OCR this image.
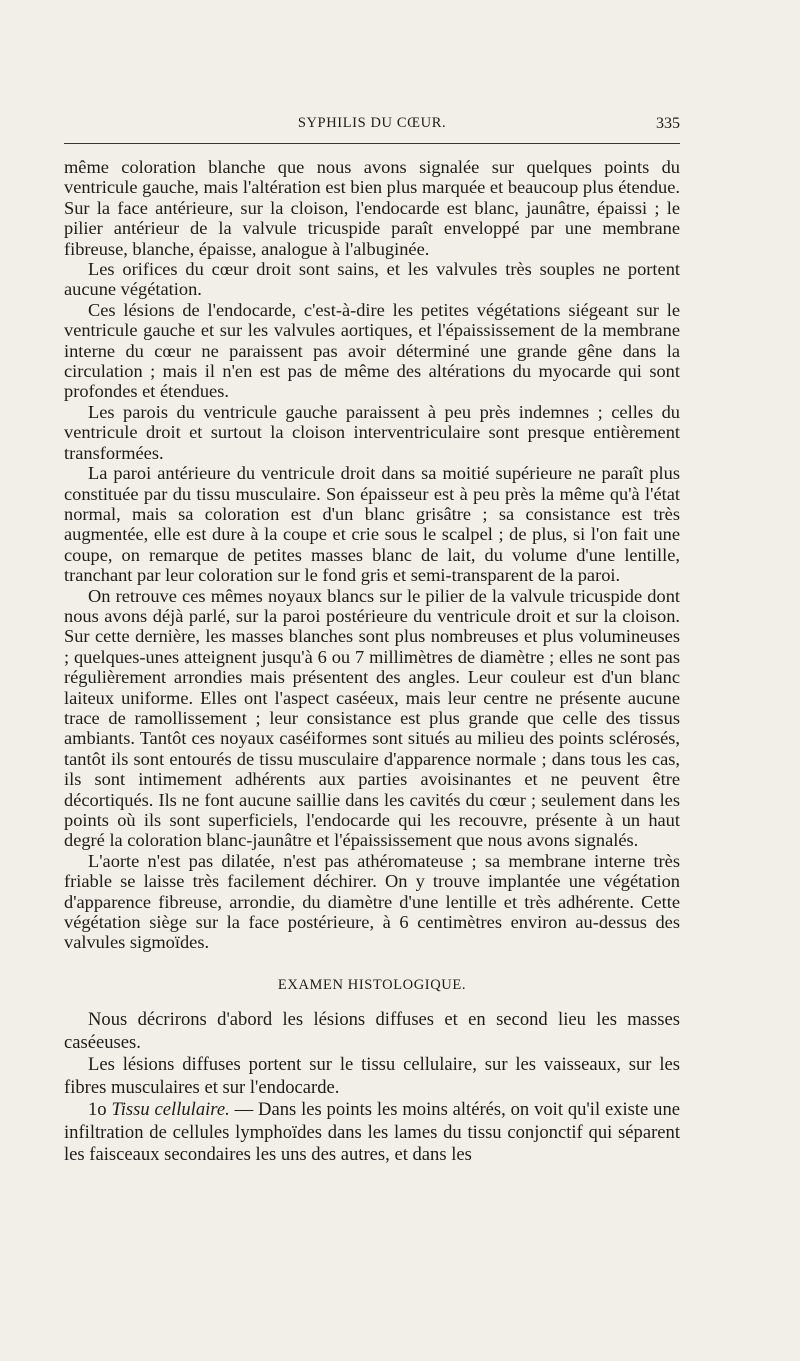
SYPHILIS DU CŒUR.	335

même coloration blanche que nous avons signalée sur quelques points du ventricule gauche, mais l'altération est bien plus marquée et beaucoup plus étendue. Sur la face antérieure, sur la cloison, l'endocarde est blanc, jaunâtre, épaissi ; le pilier antérieur de la valvule tricuspide paraît enveloppé par une membrane fibreuse, blanche, épaisse, analogue à l'albuginée.

Les orifices du cœur droit sont sains, et les valvules très souples ne portent aucune végétation.

Ces lésions de l'endocarde, c'est-à-dire les petites végétations siégeant sur le ventricule gauche et sur les valvules aortiques, et l'épaississement de la membrane interne du cœur ne paraissent pas avoir déterminé une grande gêne dans la circulation ; mais il n'en est pas de même des altérations du myocarde qui sont profondes et étendues.

Les parois du ventricule gauche paraissent à peu près indemnes ; celles du ventricule droit et surtout la cloison interventriculaire sont presque entièrement transformées.

La paroi antérieure du ventricule droit dans sa moitié supérieure ne paraît plus constituée par du tissu musculaire. Son épaisseur est à peu près la même qu'à l'état normal, mais sa coloration est d'un blanc grisâtre ; sa consistance est très augmentée, elle est dure à la coupe et crie sous le scalpel ; de plus, si l'on fait une coupe, on remarque de petites masses blanc de lait, du volume d'une lentille, tranchant par leur coloration sur le fond gris et semi-transparent de la paroi.

On retrouve ces mêmes noyaux blancs sur le pilier de la valvule tricuspide dont nous avons déjà parlé, sur la paroi postérieure du ventricule droit et sur la cloison. Sur cette dernière, les masses blanches sont plus nombreuses et plus volumineuses ; quelques-unes atteignent jusqu'à 6 ou 7 millimètres de diamètre ; elles ne sont pas régulièrement arrondies mais présentent des angles. Leur couleur est d'un blanc laiteux uniforme. Elles ont l'aspect caséeux, mais leur centre ne présente aucune trace de ramollissement ; leur consistance est plus grande que celle des tissus ambiants. Tantôt ces noyaux caséiformes sont situés au milieu des points sclérosés, tantôt ils sont entourés de tissu musculaire d'apparence normale ; dans tous les cas, ils sont intimement adhérents aux parties avoisinantes et ne peuvent être décortiqués. Ils ne font aucune saillie dans les cavités du cœur ; seulement dans les points où ils sont superficiels, l'endocarde qui les recouvre, présente à un haut degré la coloration blanc-jaunâtre et l'épaississement que nous avons signalés.

L'aorte n'est pas dilatée, n'est pas athéromateuse ; sa membrane interne très friable se laisse très facilement déchirer. On y trouve implantée une végétation d'apparence fibreuse, arrondie, du diamètre d'une lentille et très adhérente. Cette végétation siège sur la face postérieure, à 6 centimètres environ au-dessus des valvules sigmoïdes.

EXAMEN HISTOLOGIQUE.

Nous décrirons d'abord les lésions diffuses et en second lieu les masses caséeuses.

Les lésions diffuses portent sur le tissu cellulaire, sur les vaisseaux, sur les fibres musculaires et sur l'endocarde.

1o Tissu cellulaire. — Dans les points les moins altérés, on voit qu'il existe une infiltration de cellules lymphoïdes dans les lames du tissu conjonctif qui séparent les faisceaux secondaires les uns des autres, et dans les
